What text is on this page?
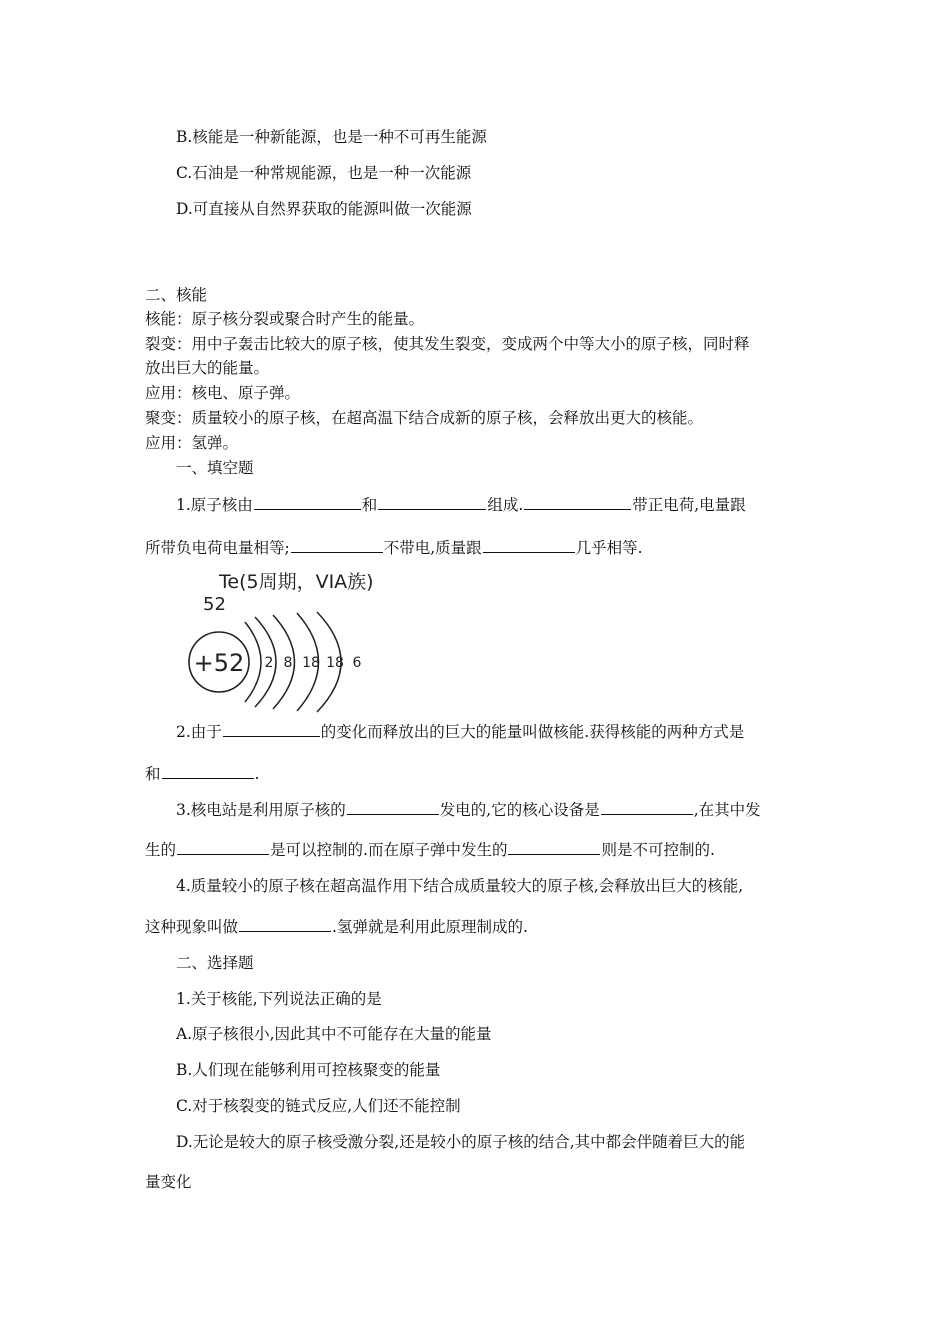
B.核能是一种新能源，也是一种不可再生能源
C.石油是一种常规能源，也是一种一次能源
D.可直接从自然界获取的能源叫做一次能源
二、核能
核能：原子核分裂或聚合时产生的能量。
裂变：用中子轰击比较大的原子核，使其发生裂变，变成两个中等大小的原子核，同时释
放出巨大的能量。
应用：核电、原子弹。
聚变：质量较小的原子核，在超高温下结合成新的原子核，会释放出更大的核能。
应用：氢弹。
一、填空题
1.原子核由	和	组成.	带正电荷,电量跟
所带负电荷电量相等;	不带电,质量跟	几乎相等.
Te(5周期，VIA族)
52
+52 2 8 18 18 6
2.由于	的变化而释放出的巨大的能量叫做核能.获得核能的两种方式是
和	.
3.核电站是利用原子核的	发电的,它的核心设备是	,在其中发
生的	是可以控制的.而在原子弹中发生的	则是不可控制的.
4.质量较小的原子核在超高温作用下结合成质量较大的原子核,会释放出巨大的核能,
这种现象叫做	.氢弹就是利用此原理制成的.
二、选择题
1.关于核能,下列说法正确的是
A.原子核很小,因此其中不可能存在大量的能量
B.人们现在能够利用可控核聚变的能量
C.对于核裂变的链式反应,人们还不能控制
D.无论是较大的原子核受激分裂,还是较小的原子核的结合,其中都会伴随着巨大的能
量变化
